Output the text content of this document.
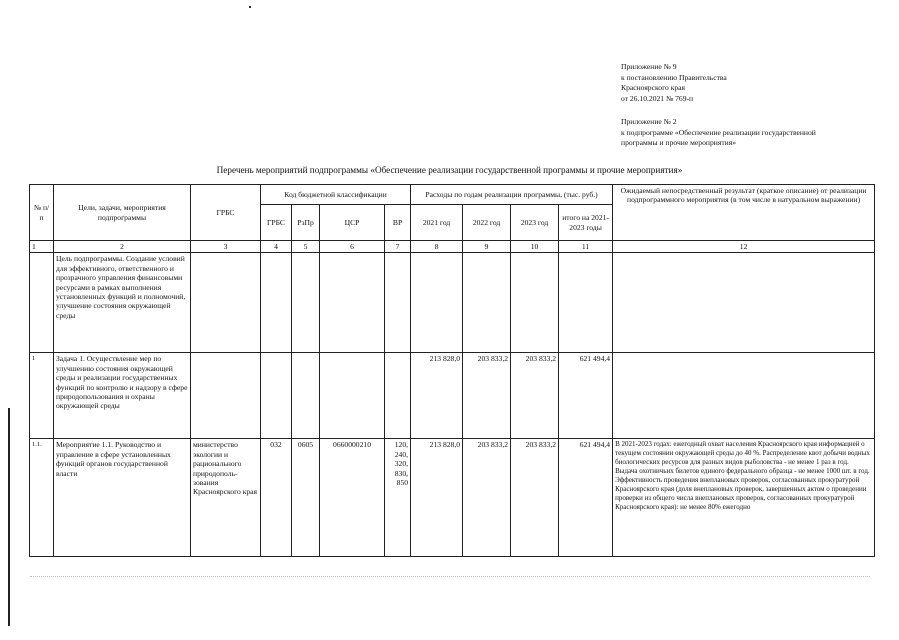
Приложение № 9
к постановлению Правительства
Красноярского края
от 26.10.2021 № 769-п
Приложение № 2
к подпрограмме «Обеспечение реализации государственной
программы и прочие мероприятия»
Перечень мероприятий подпрограммы «Обеспечение реализации государственной программы и прочие мероприятия»
№ п/п	Цели, задачи, мероприятия подпрограммы	ГРБС	Код бюджетной классификации				Расходы по годам реализации программы, (тыс. руб.)				Ожидаемый непосредственный результат (краткое описание) от реализации подпрограммного мероприятия (в том числе в натуральном выражении)
			ГРБС	РзПр	ЦСР	ВР	2021 год	2022 год	2023 год	итого на 2021-2023 годы	
1	2	3	4	5	6	7	8	9	10	11	12
	Цель подпрограммы. Создание условий для эффективного, ответственного и прозрачного управления финансовыми ресурсами в рамках выполнения установленных функций и полномочий, улучшение состояния окружающей среды										
1	Задача 1. Осуществление мер по улучшению состояния окружающей среды и реализации государственных функций по контролю и надзору в сфере природопользования и охраны окружающей среды						213 828,0	203 833,2	203 833,2	621 494,4	
1.1.	Мероприятие 1.1. Руководство и управление в сфере установленных функций органов государственной власти	министерство экологии и рационального природополь-зования Красноярского края	032	0605	0660000210	120, 240, 320, 830, 850	213 828,0	203 833,2	203 833,2	621 494,4	В 2021-2023 годах: ежегодный охват населения Красноярского края информацией о текущем состоянии окружающей среды до 40 %. Распределение квот добычи водных биологических ресурсов для разных видов рыболовства - не менее 1 раз в год. Выдача охотничьих билетов единого федерального образца - не менее 1000 шт. в год. Эффективность проведения внеплановых проверок, согласованных прокуратурой Красноярского края (доля внеплановых проверок, завершенных актом о проведении проверки из общего числа внеплановых проверок, согласованных прокуратурой Красноярского края): не менее 80% ежегодно
